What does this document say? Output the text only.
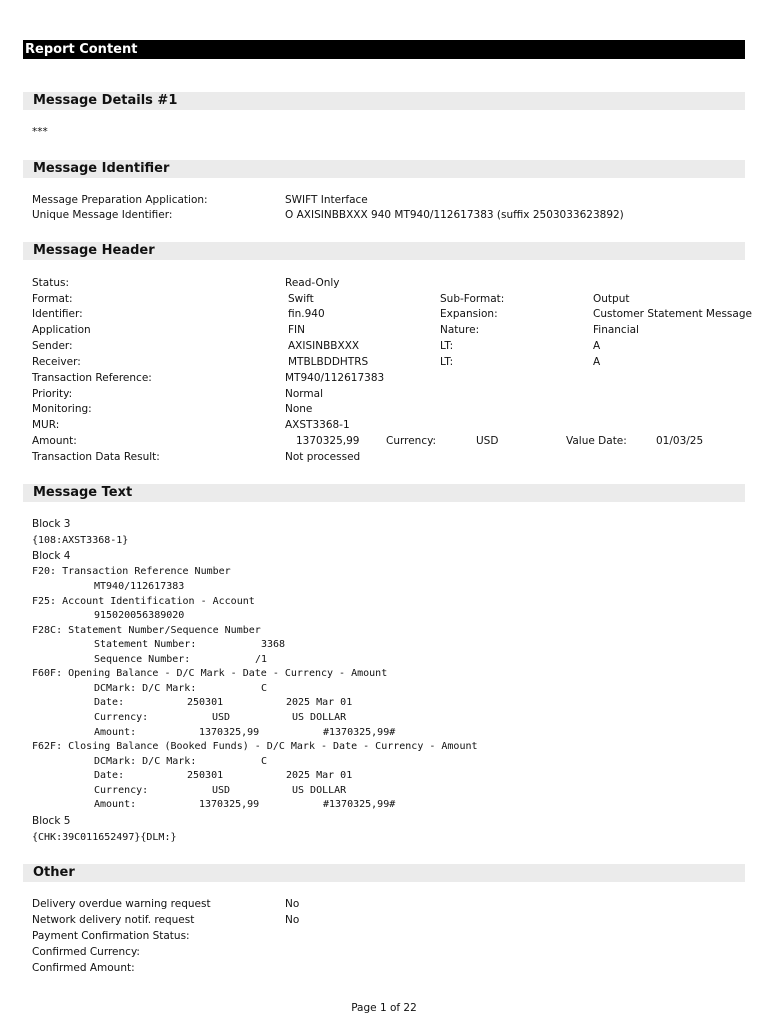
Report Content
Message Details #1
***
Message Identifier
Message Preparation Application:	SWIFT Interface
Unique Message Identifier:	O AXISINBBXXX 940 MT940/112617383 (suffix 2503033623892)
Message Header
Status:	Read-Only
Format:	Swift	Sub-Format:	Output
Identifier:	fin.940	Expansion:	Customer Statement Message
Application	FIN	Nature:	Financial
Sender:	AXISINBBXXX	LT:	A
Receiver:	MTBLBDDHTRS	LT:	A
Transaction Reference:	MT940/112617383
Priority:	Normal
Monitoring:	None
MUR:	AXST3368-1
Amount:	1370325,99	Currency:	USD	Value Date:	01/03/25
Transaction Data Result:	Not processed
Message Text
Block 3
{108:AXST3368-1}
Block 4
F20: Transaction Reference Number
MT940/112617383
F25: Account Identification - Account
915020056389020
F28C: Statement Number/Sequence Number
Statement Number:	3368
Sequence Number:	/1
F60F: Opening Balance - D/C Mark - Date - Currency - Amount
DCMark: D/C Mark:	C
Date:	250301	2025 Mar 01
Currency:	USD	US DOLLAR
Amount:	1370325,99	#1370325,99#
F62F: Closing Balance (Booked Funds) - D/C Mark - Date - Currency - Amount
DCMark: D/C Mark:	C
Date:	250301	2025 Mar 01
Currency:	USD	US DOLLAR
Amount:	1370325,99	#1370325,99#
Block 5
{CHK:39C011652497}{DLM:}
Other
Delivery overdue warning request	No
Network delivery notif. request	No
Payment Confirmation Status:
Confirmed Currency:
Confirmed Amount:
Page 1 of 22
